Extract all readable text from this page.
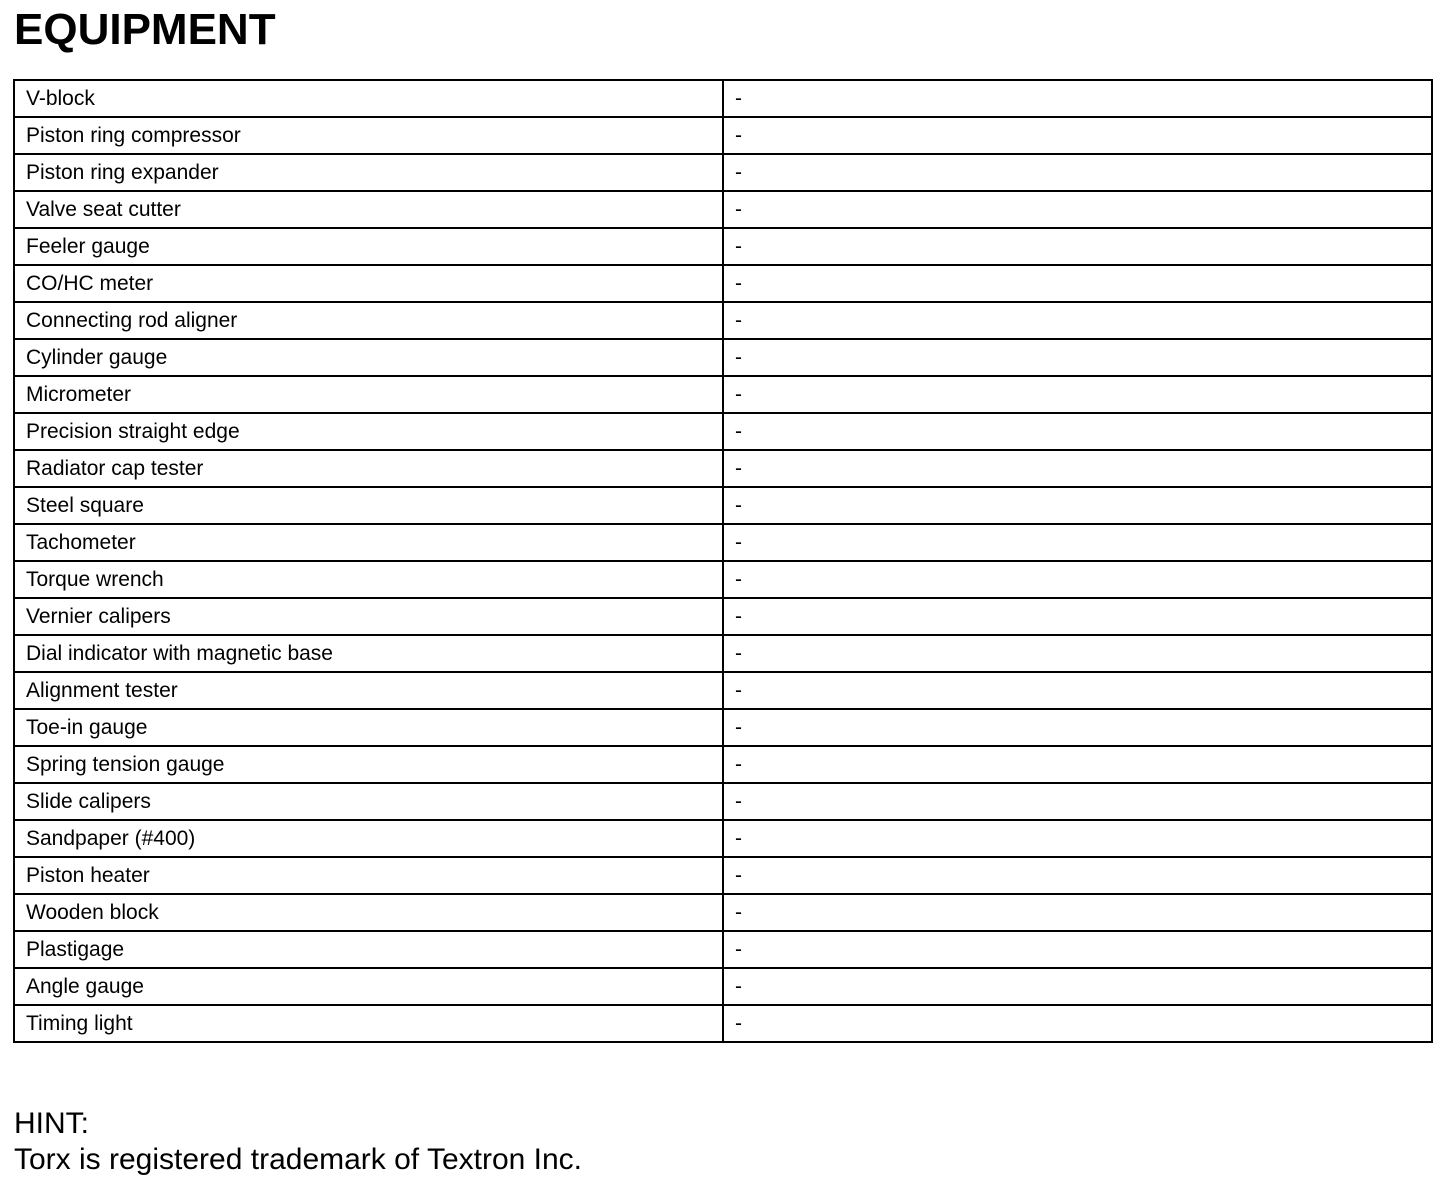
EQUIPMENT
V-block	-
Piston ring compressor	-
Piston ring expander	-
Valve seat cutter	-
Feeler gauge	-
CO/HC meter	-
Connecting rod aligner	-
Cylinder gauge	-
Micrometer	-
Precision straight edge	-
Radiator cap tester	-
Steel square	-
Tachometer	-
Torque wrench	-
Vernier calipers	-
Dial indicator with magnetic base	-
Alignment tester	-
Toe-in gauge	-
Spring tension gauge	-
Slide calipers	-
Sandpaper (#400)	-
Piston heater	-
Wooden block	-
Plastigage	-
Angle gauge	-
Timing light	-
HINT:
Torx is registered trademark of Textron Inc.
